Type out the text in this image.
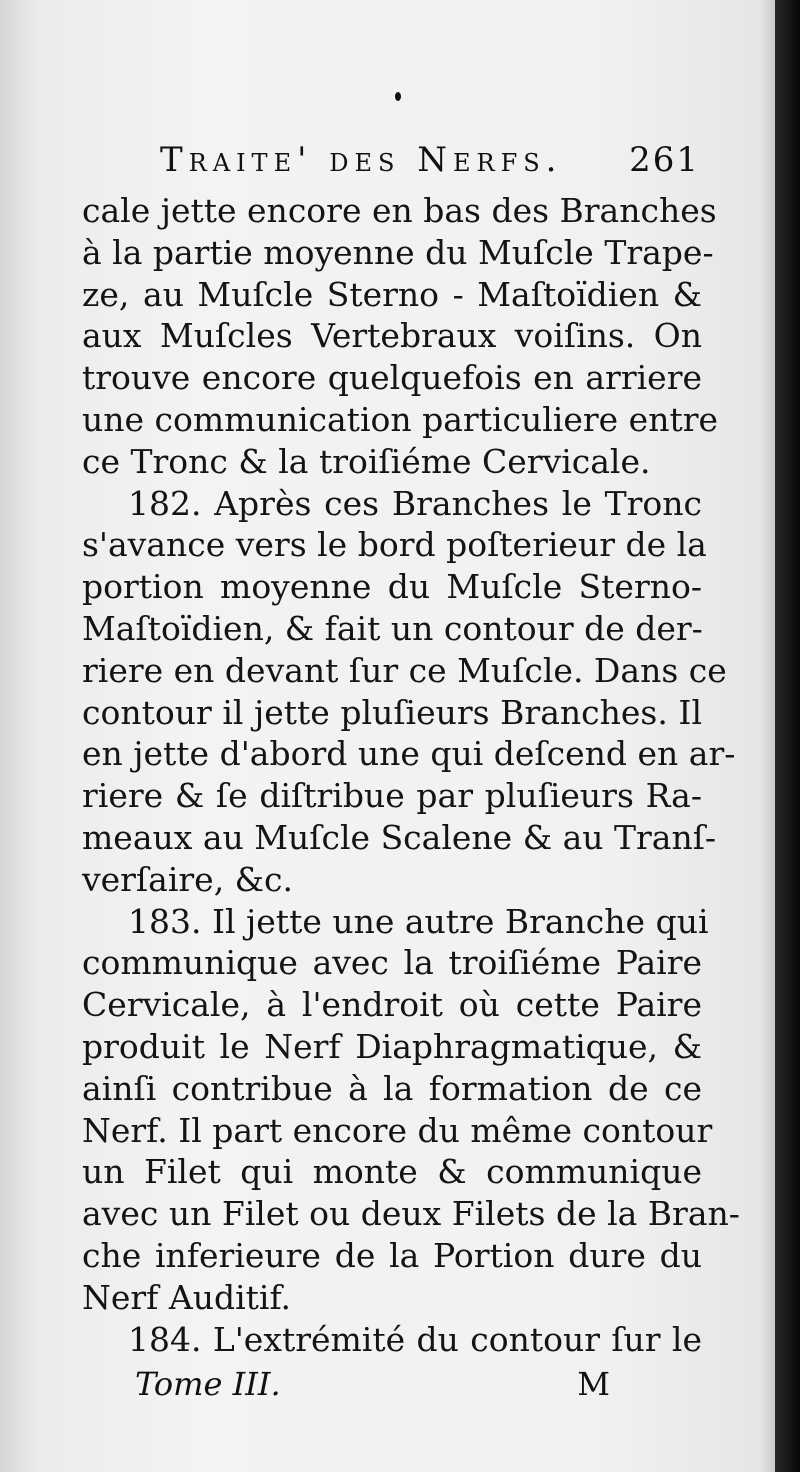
Traite' des Nerfs. 261
cale jette encore en bas des Branches
à la partie moyenne du Muſcle Trape-
ze, au Muſcle Sterno - Maſtoïdien &
aux Muſcles Vertebraux voiſins. On
trouve encore quelquefois en arriere
une communication particuliere entre
ce Tronc & la troiſiéme Cervicale.
182. Après ces Branches le Tronc
s'avance vers le bord poſterieur de la
portion moyenne du Muſcle Sterno-
Maſtoïdien, & fait un contour de der-
riere en devant ſur ce Muſcle. Dans ce
contour il jette pluſieurs Branches. Il
en jette d'abord une qui deſcend en ar-
riere & ſe diſtribue par pluſieurs Ra-
meaux au Muſcle Scalene & au Tranſ-
verſaire, &c.
183. Il jette une autre Branche qui
communique avec la troiſiéme Paire
Cervicale, à l'endroit où cette Paire
produit le Nerf Diaphragmatique, &
ainſi contribue à la formation de ce
Nerf. Il part encore du même contour
un Filet qui monte & communique
avec un Filet ou deux Filets de la Bran-
che inferieure de la Portion dure du
Nerf Auditif.
184. L'extrémité du contour ſur le
Tome III.	M
